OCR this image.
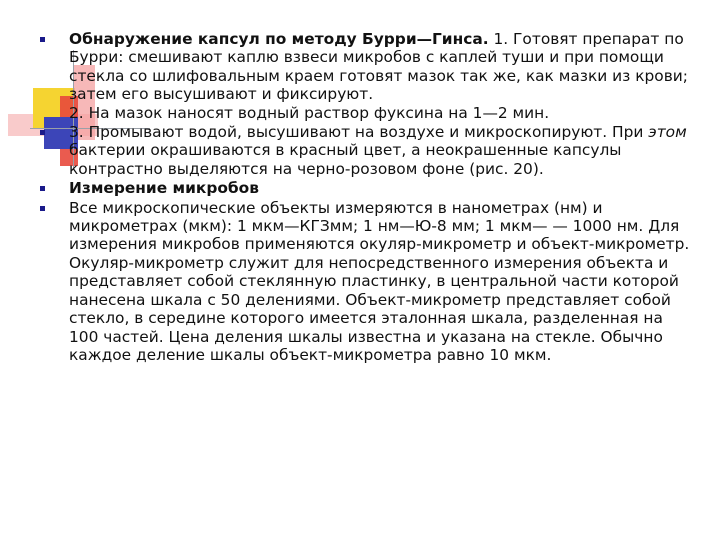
Обнаружение капсул по методу Бурри—Гинса. 1. Готовят препарат по Бурри: смешивают каплю взвеси микробов с каплей туши и при помощи стекла со шлифовальным краем готовят мазок так же, как мазки из крови; затем его высушивают и фиксируют.
2. На мазок наносят водный раствор фуксина на 1—2 мин.
3. Промывают водой, высушивают на воздухе и микроскопируют. При этом бактерии окрашиваются в красный цвет, а неокрашенные капсулы контрастно выделяются на черно-розовом фоне (рис. 20).
Измерение микробов
Все микроскопические объекты измеряются в нанометрах (нм) и микрометрах (мкм): 1 мкм—КГЗмм; 1 нм—Ю-8 мм; 1 мкм— — 1000 нм. Для измерения микробов применяются окуляр-микрометр и объект-микрометр. Окуляр-микрометр служит для непосредственного измерения объекта и представляет собой стеклянную пластинку, в центральной части которой нанесена шкала с 50 делениями. Объект-микрометр представляет собой стекло, в середине которого имеется эталонная шкала, разделенная на 100 частей. Цена деления шкалы известна и указана на стекле. Обычно каждое деление шкалы объект-микрометра равно 10 мкм.
